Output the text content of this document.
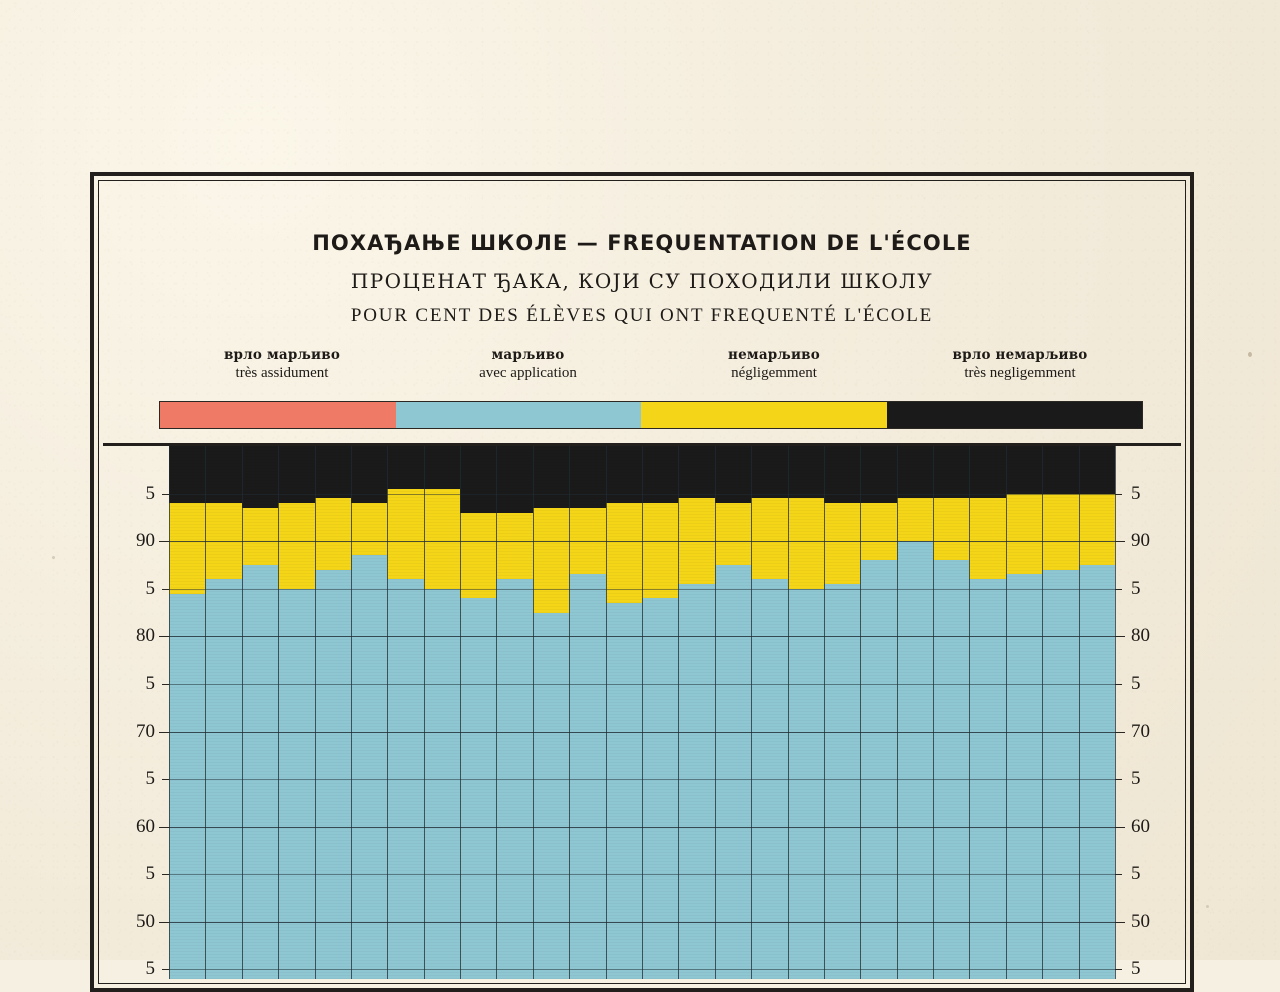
ПОХАЂАЊЕ ШКОЛЕ — FREQUENTATION DE L'ÉCOLE
ПРОЦЕНАТ ЂАКА, КОЈИ СУ ПОХОДИЛИ ШКОЛУ
POUR CENT DES ÉLÈVES QUI ONT FREQUENTÉ L'ÉCOLE
врло марљиво
très assidument
марљиво
avec application
немарљиво
négligemment
врло немарљиво
très negligemment
5
90
5
80
5
70
5
60
5
50
5
5
90
5
80
5
70
5
60
5
50
5
